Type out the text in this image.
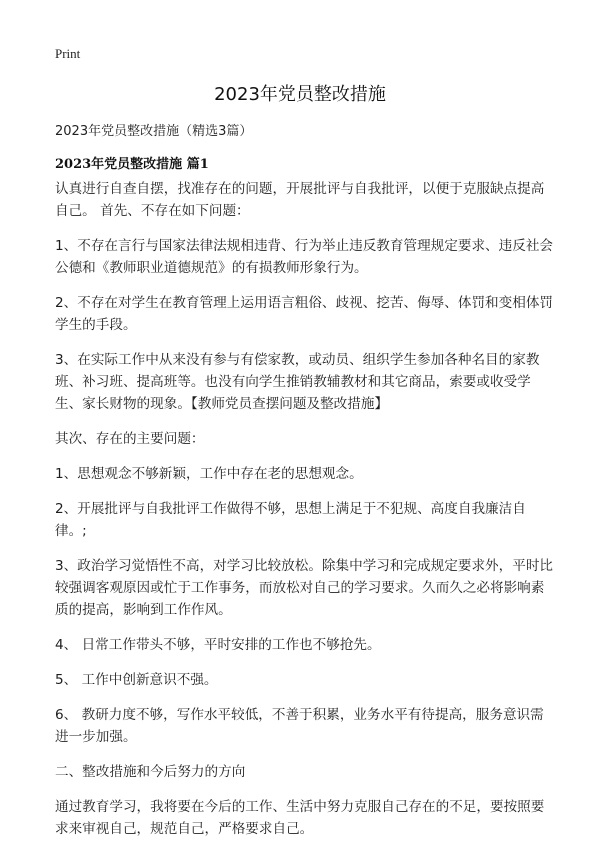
Print
2023年党员整改措施
2023年党员整改措施（精选3篇）
2023年党员整改措施 篇1

认真进行自查自摆，找准存在的问题，开展批评与自我批评，以便于克服缺点提高自己。 首先、不存在如下问题：

1、不存在言行与国家法律法规相违背、行为举止违反教育管理规定要求、违反社会公德和《教师职业道德规范》的有损教师形象行为。

2、不存在对学生在教育管理上运用语言粗俗、歧视、挖苦、侮辱、体罚和变相体罚学生的手段。

3、在实际工作中从来没有参与有偿家教，或动员、组织学生参加各种名目的家教班、补习班、提高班等。也没有向学生推销教辅教材和其它商品，索要或收受学生、家长财物的现象。【教师党员查摆问题及整改措施】

其次、存在的主要问题：

1、思想观念不够新颖，工作中存在老的思想观念。

2、开展批评与自我批评工作做得不够，思想上满足于不犯规、高度自我廉洁自律。;

3、政治学习觉悟性不高，对学习比较放松。除集中学习和完成规定要求外，平时比较强调客观原因或忙于工作事务，而放松对自己的学习要求。久而久之必将影响素质的提高，影响到工作作风。

4、 日常工作带头不够，平时安排的工作也不够抢先。

5、 工作中创新意识不强。

6、 教研力度不够，写作水平较低，不善于积累，业务水平有待提高，服务意识需进一步加强。

二、整改措施和今后努力的方向

通过教育学习，我将要在今后的工作、生活中努力克服自己存在的不足，要按照要求来审视自己，规范自己，严格要求自己。
